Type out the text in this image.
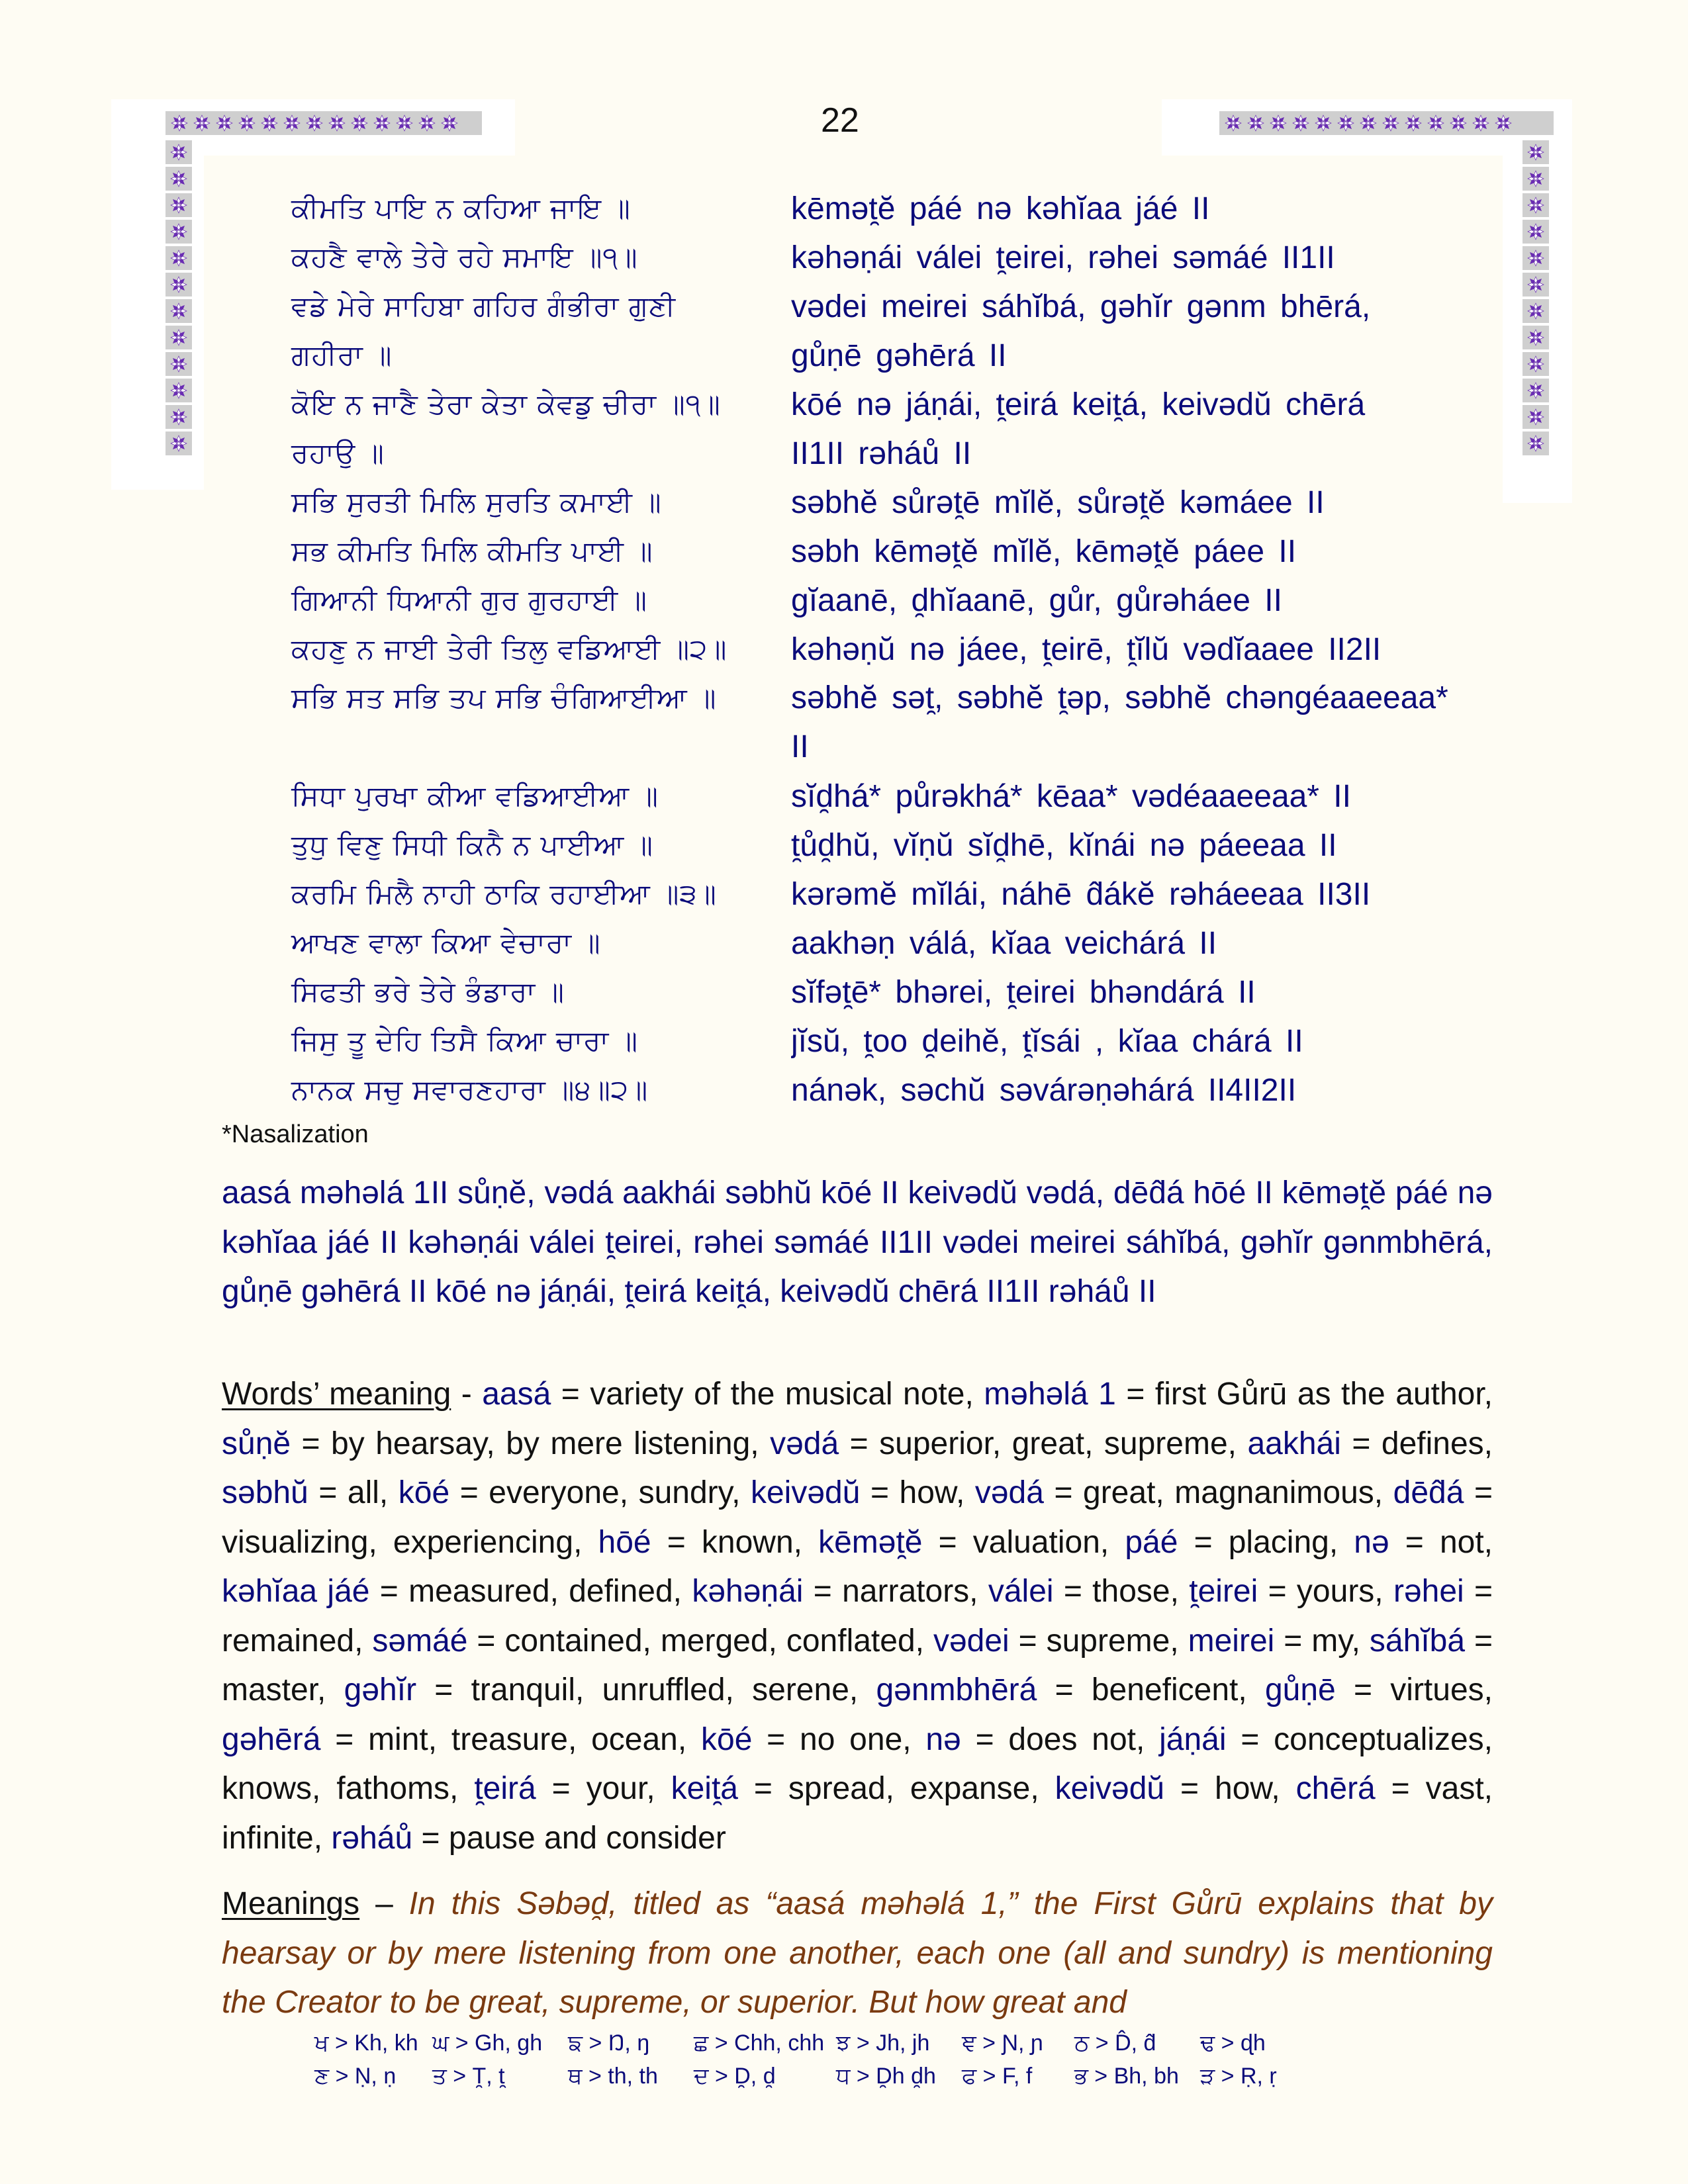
22
ਕੀਮਤਿ ਪਾਇ ਨ ਕਹਿਆ ਜਾਇ ॥	kēmət̯ĕ páé nə kəhĭaa jáé II
ਕਹਣੈ ਵਾਲੇ ਤੇਰੇ ਰਹੇ ਸਮਾਇ ॥੧॥	kəhəṇái válei t̯eirei, rəhei səmáé II1II
ਵਡੇ ਮੇਰੇ ਸਾਹਿਬਾ ਗਹਿਰ ਗੰਭੀਰਾ ਗੁਣੀ	vədei meirei sáhĭbá, gəhĭr gənm bhērá,
ਗਹੀਰਾ ॥	gůṇē gəhērá II
ਕੋਇ ਨ ਜਾਣੈ ਤੇਰਾ ਕੇਤਾ ਕੇਵਡੁ ਚੀਰਾ ॥੧॥	kōé nə jáṇái, t̯eirá keit̯á, keivədŭ chērá
ਰਹਾਉ ॥	II1II rəháů II
ਸਭਿ ਸੁਰਤੀ ਮਿਲਿ ਸੁਰਤਿ ਕਮਾਈ ॥	səbhĕ sůrət̯ē mĭlĕ, sůrət̯ĕ kəmáee II
ਸਭ ਕੀਮਤਿ ਮਿਲਿ ਕੀਮਤਿ ਪਾਈ ॥	səbh kēmət̯ĕ mĭlĕ, kēmət̯ĕ páee II
ਗਿਆਨੀ ਧਿਆਨੀ ਗੁਰ ਗੁਰਹਾਈ ॥	gĭaanē, d̯hĭaanē, gůr, gůrəháee II
ਕਹਣੁ ਨ ਜਾਈ ਤੇਰੀ ਤਿਲੁ ਵਡਿਆਈ ॥੨॥	kəhəṇŭ nə jáee, t̯eirē, t̯ĭlŭ vədĭaaee II2II
ਸਭਿ ਸਤ ਸਭਿ ਤਪ ਸਭਿ ਚੰਗਿਆਈਆ ॥	səbhĕ sət̯, səbhĕ t̯əp, səbhĕ chənɡéaaeeaa* II
ਸਿਧਾ ਪੁਰਖਾ ਕੀਆ ਵਡਿਆਈਆ ॥	sĭd̯há* půrəkhá* kēaa* vədéaaeeaa* II
ਤੁਧੁ ਵਿਣੁ ਸਿਧੀ ਕਿਨੈ ਨ ਪਾਈਆ ॥	t̯ůd̯hŭ, vĭṇŭ sĭd̯hē, kĭnái nə páeeaa II
ਕਰਮਿ ਮਿਲੈ ਨਾਹੀ ਠਾਕਿ ਰਹਾਈਆ ॥੩॥	kərəmĕ mĭlái, náhē d̂ákĕ rəháeeaa II3II
ਆਖਣ ਵਾਲਾ ਕਿਆ ਵੇਚਾਰਾ ॥	aakhəṇ válá, kĭaa veichárá II
ਸਿਫਤੀ ਭਰੇ ਤੇਰੇ ਭੰਡਾਰਾ ॥	sĭfət̯ē* bhərei, t̯eirei bhəndárá II
ਜਿਸੁ ਤੂ ਦੇਹਿ ਤਿਸੈ ਕਿਆ ਚਾਰਾ ॥	jĭsŭ, t̯oo d̯eihĕ, t̯ĭsái , kĭaa chárá II
ਨਾਨਕ ਸਚੁ ਸਵਾਰਣਹਾਰਾ ॥੪॥੨॥	nánək, səchŭ səvárəṇəhárá II4II2II
*Nasalization
aasá məhəlá 1II sůṇĕ, vədá aakhái səbhŭ kōé II keivədŭ vədá, dēd̂á hōé II kēmət̯ĕ páé nə kəhĭaa jáé II kəhəṇái válei t̯eirei, rəhei səmáé II1II vədei meirei sáhĭbá, gəhĭr gənmbhērá, gůṇē gəhērá II kōé nə jáṇái, t̯eirá keit̯á, keivədŭ chērá II1II rəháů II
Words’ meaning - aasá = variety of the musical note, məhəlá 1 = first Gůrū as the author, sůṇĕ = by hearsay, by mere listening, vədá = superior, great, supreme, aakhái = defines, səbhŭ = all, kōé = everyone, sundry, keivədŭ = how, vədá = great, magnanimous, dēd̂á = visualizing, experiencing, hōé = known, kēmət̯ĕ = valuation, páé = placing, nə = not, kəhĭaa jáé = measured, defined, kəhəṇái = narrators, válei = those, t̯eirei = yours, rəhei = remained, səmáé = contained, merged, conflated, vədei = supreme, meirei = my, sáhĭbá = master, gəhĭr = tranquil, unruffled, serene, gənmbhērá = beneficent, gůṇē = virtues, gəhērá = mint, treasure, ocean, kōé = no one, nə = does not, jáṇái = conceptualizes, knows, fathoms, t̯eirá = your, keit̯á = spread, expanse, keivədŭ = how, chērá = vast, infinite, rəháů = pause and consider
Meanings – In this Səbəd̯, titled as “aasá məhəlá 1,” the First Gůrū explains that by hearsay or by mere listening from one another, each one (all and sundry) is mentioning the Creator to be great, supreme, or superior. But how great and
ਖ > Kh, kh ਘ > Gh, gh	ਙ > Ŋ, ŋ	ਛ > Chh, chh ਝ > Jh, jh	ਞ > Ɲ, ɲ	ਠ > D̂, d̂	ਢ > ɖh
ਣ > Ṇ, ṇ	ਤ > T̯, t̯	ਥ > th, th	ਦ > D̯, d̯	ਧ > D̯h d̯h	ਫ > F, f	ਭ > Bh, bh ੜ > Ṛ, ṛ
